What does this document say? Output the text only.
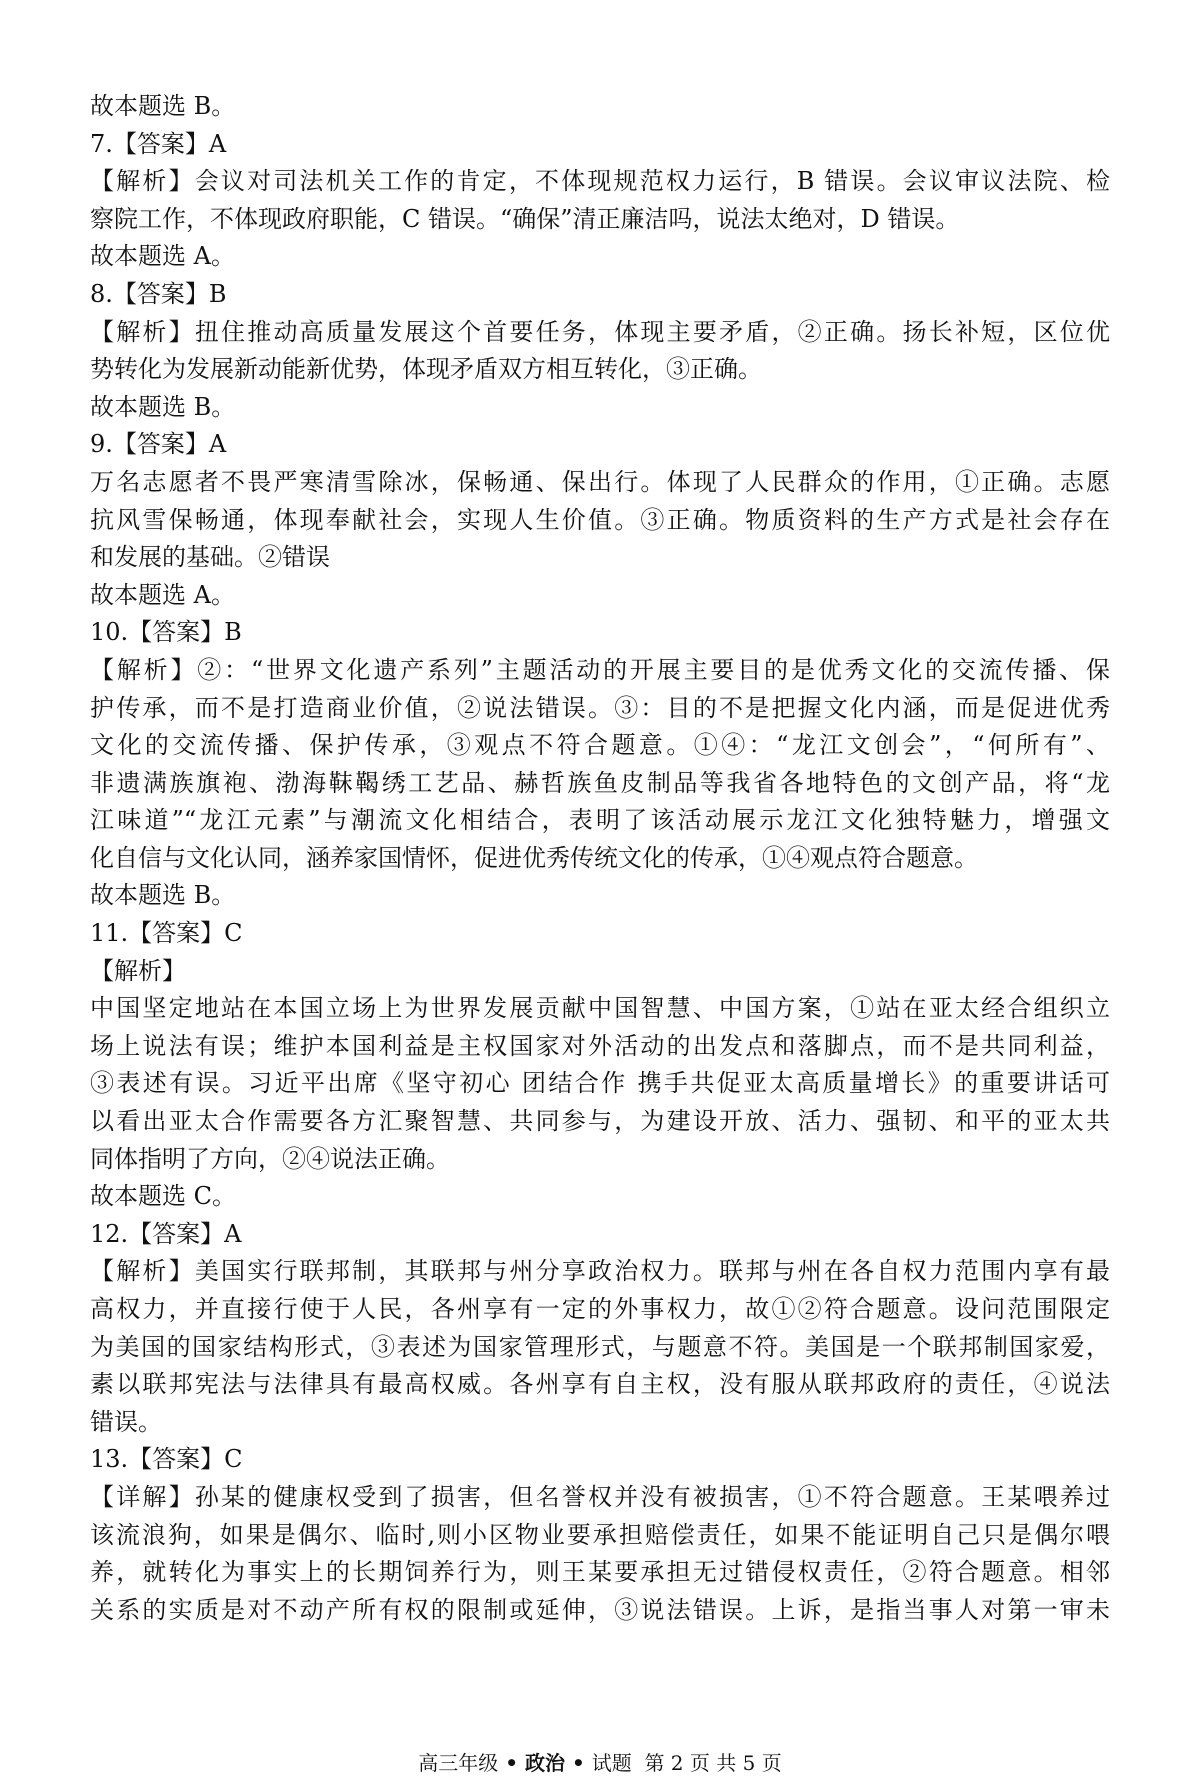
故本题选 B。
7.【答案】A
【解析】会议对司法机关工作的肯定，不体现规范权力运行，B 错误。会议审议法院、检
察院工作，不体现政府职能，C 错误。“确保”清正廉洁吗，说法太绝对，D 错误。
故本题选 A。
8.【答案】B
【解析】扭住推动高质量发展这个首要任务，体现主要矛盾，②正确。扬长补短，区位优
势转化为发展新动能新优势，体现矛盾双方相互转化，③正确。
故本题选 B。
9.【答案】A
万名志愿者不畏严寒清雪除冰，保畅通、保出行。体现了人民群众的作用，①正确。志愿
抗风雪保畅通，体现奉献社会，实现人生价值。③正确。物质资料的生产方式是社会存在
和发展的基础。②错误
故本题选 A。
10.【答案】B
【解析】②：“世界文化遗产系列”主题活动的开展主要目的是优秀文化的交流传播、保
护传承，而不是打造商业价值，②说法错误。③：目的不是把握文化内涵，而是促进优秀
文化的交流传播、保护传承，③观点不符合题意。①④：“龙江文创会”，“何所有”、
非遗满族旗袍、渤海靺鞨绣工艺品、赫哲族鱼皮制品等我省各地特色的文创产品，将“龙
江味道”“龙江元素”与潮流文化相结合，表明了该活动展示龙江文化独特魅力，增强文
化自信与文化认同，涵养家国情怀，促进优秀传统文化的传承，①④观点符合题意。
故本题选 B。
11.【答案】C
【解析】
中国坚定地站在本国立场上为世界发展贡献中国智慧、中国方案，①站在亚太经合组织立
场上说法有误；维护本国利益是主权国家对外活动的出发点和落脚点，而不是共同利益，
③表述有误。习近平出席《坚守初心 团结合作 携手共促亚太高质量增长》的重要讲话可
以看出亚太合作需要各方汇聚智慧、共同参与，为建设开放、活力、强韧、和平的亚太共
同体指明了方向，②④说法正确。
故本题选 C。
12.【答案】A
【解析】美国实行联邦制，其联邦与州分享政治权力。联邦与州在各自权力范围内享有最
高权力，并直接行使于人民，各州享有一定的外事权力，故①②符合题意。设问范围限定
为美国的国家结构形式，③表述为国家管理形式，与题意不符。美国是一个联邦制国家爱，
素以联邦宪法与法律具有最高权威。各州享有自主权，没有服从联邦政府的责任，④说法
错误。
13.【答案】C
【详解】孙某的健康权受到了损害，但名誉权并没有被损害，①不符合题意。王某喂养过
该流浪狗，如果是偶尔、临时,则小区物业要承担赔偿责任，如果不能证明自己只是偶尔喂
养，就转化为事实上的长期饲养行为，则王某要承担无过错侵权责任，②符合题意。相邻
关系的实质是对不动产所有权的限制或延伸，③说法错误。上诉，是指当事人对第一审未
高三年级 • 政治 • 试题 第 2 页 共 5 页
